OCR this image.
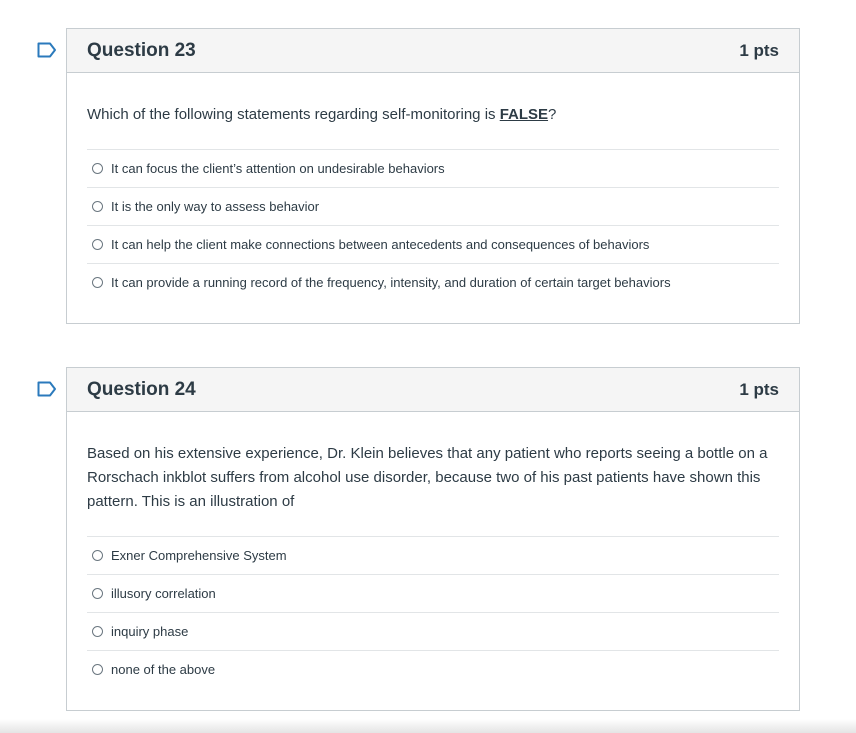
Question 23	1 pts
Which of the following statements regarding self-monitoring is FALSE?
It can focus the client’s attention on undesirable behaviors
It is the only way to assess behavior
It can help the client make connections between antecedents and consequences of behaviors
It can provide a running record of the frequency, intensity, and duration of certain target behaviors
Question 24	1 pts
Based on his extensive experience, Dr. Klein believes that any patient who reports seeing a bottle on a Rorschach inkblot suffers from alcohol use disorder, because two of his past patients have shown this pattern. This is an illustration of
Exner Comprehensive System
illusory correlation
inquiry phase
none of the above
